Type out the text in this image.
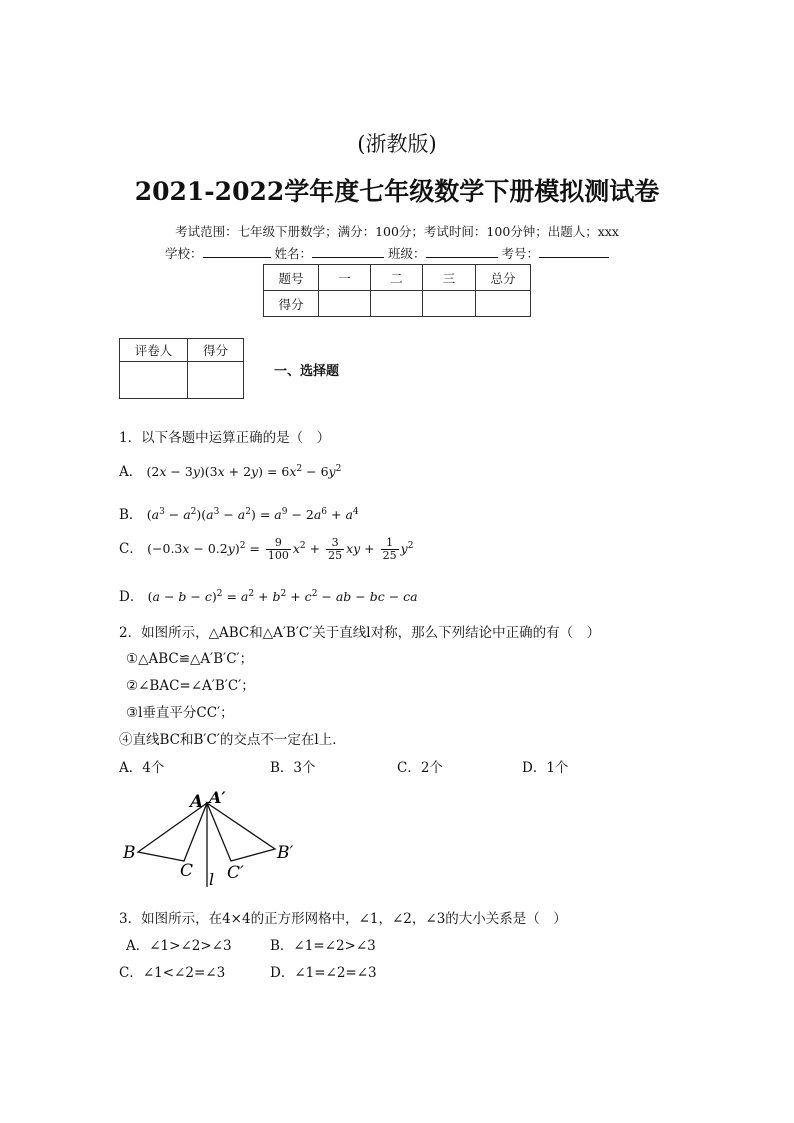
(浙教版)
2021-2022学年度七年级数学下册模拟测试卷
考试范围：七年级下册数学；满分：100分；考试时间：100分钟；出题人；xxx
学校：	姓名：	班级：	考号：
题号	一	二	三	总分
得分				
评卷人	得分

一、选择题
1．以下各题中运算正确的是（　）
A． $(2x - 3y)(3x + 2y) = 6x^2 - 6y^2$
B． $(a^3 - a^2)(a^3 - a^2) = a^9 - 2a^6 + a^4$
C． $(-0.3x - 0.2y)^2 = \frac{9}{100} x^2 + \frac{3}{25}$ xy + $\frac{1}{25} y^2$
D． $(a - b - c)^2 = a^2 + b^2 + c^2$ − ab − bc − ca
2．如图所示，△ABC和△A′B′C′关于直线l对称，那么下列结论中正确的有（　）
①△ABC≌△A′B′C′；
②∠BAC=∠A′B′C′；
③l垂直平分CC′；
④直线BC和B′C′的交点不一定在l上．
A．4个	B．3个	C．2个	D．1个
A A′
B
C C′
B′
l
3．如图所示，在4×4的正方形网格中，∠1，∠2，∠3的大小关系是（　）
A．∠1>∠2>∠3	B．∠1=∠2>∠3
C．∠1<∠2=∠3	D．∠1=∠2=∠3
